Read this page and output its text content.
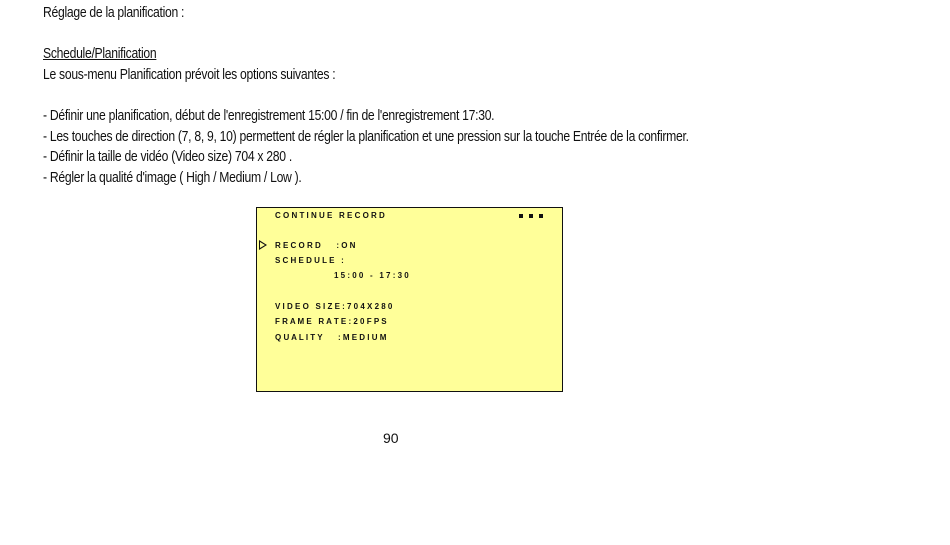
Réglage de la planification :
Schedule/Planification
Le sous-menu Planification prévoit les options suivantes :
- Définir une planification, début de l'enregistrement 15:00 / fin de l'enregistrement 17:30.
- Les touches de direction (7, 8, 9, 10) permettent de régler la planification et une pression sur la touche Entrée de la confirmer.
- Définir la taille de vidéo (Video size) 704 x 280 .
- Régler la qualité d'image ( High / Medium / Low ).
C O N T I N U E   R E C O R D
R E C O R D       : O N
S C H E D U L E   :
1 5 : 0 0   -   1 7 : 3 0
V I D E O   S I Z E : 7 0 4 X 2 8 0
F R A M E   R A T E : 2 0 F P S
Q U A L I T Y       : M E D I U M
90
